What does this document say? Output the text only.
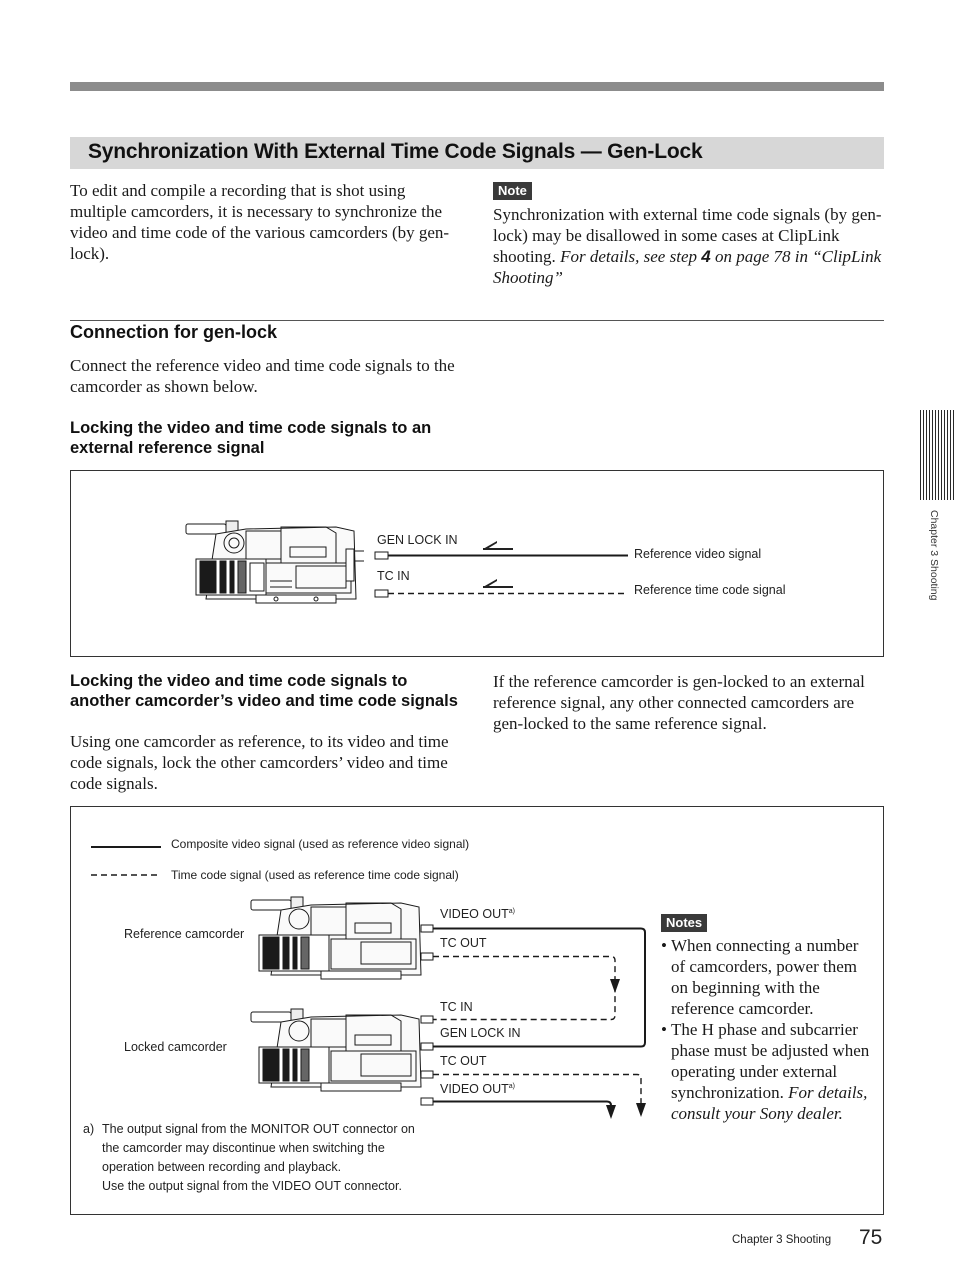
Synchronization With External Time Code Signals — Gen-Lock
To edit and compile a recording that is shot using multiple camcorders, it is necessary to synchronize the video and time code of the various camcorders (by gen-lock).
Note
Synchronization with external time code signals (by gen-lock) may be disallowed in some cases at ClipLink shooting. For details, see step 4 on page 78 in “ClipLink Shooting”
Connection for gen-lock
Connect the reference video and time code signals to the camcorder as shown below.
Locking the video and time code signals to an external reference signal
GEN LOCK IN
TC IN
Reference video signal
Reference time code signal
Locking the video and time code signals to another camcorder’s video and time code signals
Using one camcorder as reference, to its video and time code signals, lock the other camcorders’ video and time code signals.
If the reference camcorder is gen-locked to an external reference signal, any other connected camcorders are gen-locked to the same reference signal.
Composite video signal (used as reference video signal)
Time code signal (used as reference time code signal)
Reference camcorder
Locked camcorder
VIDEO OUT$^{a)}$
TC OUT
TC IN
GEN LOCK IN
TC OUT
VIDEO OUT$^{a)}$
a) The output signal from the MONITOR OUT connector on
the camcorder may discontinue when switching the
operation between recording and playback.
Use the output signal from the VIDEO OUT connector.
Notes
• When connecting a number of camcorders, power them on beginning with the reference camcorder.
• The H phase and subcarrier phase must be adjusted when operating under external synchronization. For details, consult your Sony dealer.
Chapter 3 Shooting
Chapter 3 Shooting 75
